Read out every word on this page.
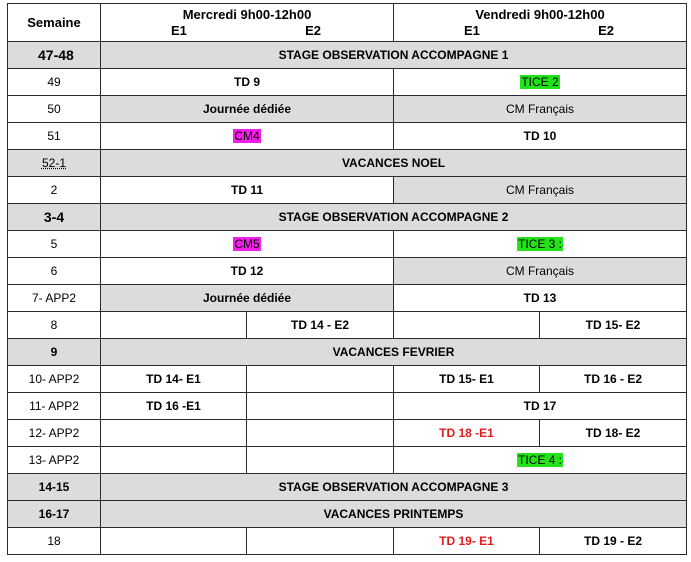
Semaine	Mercredi 9h00-12h00
E1 E2		Vendredi 9h00-12h00
E1 E2	

47-48	STAGE OBSERVATION ACCOMPAGNE 1			
49	TD 9		TICE 2	
50	Journée dédiée		CM Français	
51	CM4		TD 10	
52-1	VACANCES NOEL			
2	TD 11		CM Français	
3-4	STAGE OBSERVATION ACCOMPAGNE 2			
5	CM5		TICE 3 :	
6	TD 12		CM Français	
7- APP2	Journée dédiée		TD 13	
8		TD 14 - E2		TD 15- E2
9	VACANCES FEVRIER			
10- APP2	TD 14- E1		TD 15- E1	TD 16 - E2
11- APP2	TD 16 -E1		TD 17	
12- APP2			TD 18 -E1	TD 18- E2
13- APP2			TICE 4 :	
14-15	STAGE OBSERVATION ACCOMPAGNE 3			
16-17	VACANCES PRINTEMPS			
18			TD 19- E1	TD 19 - E2
